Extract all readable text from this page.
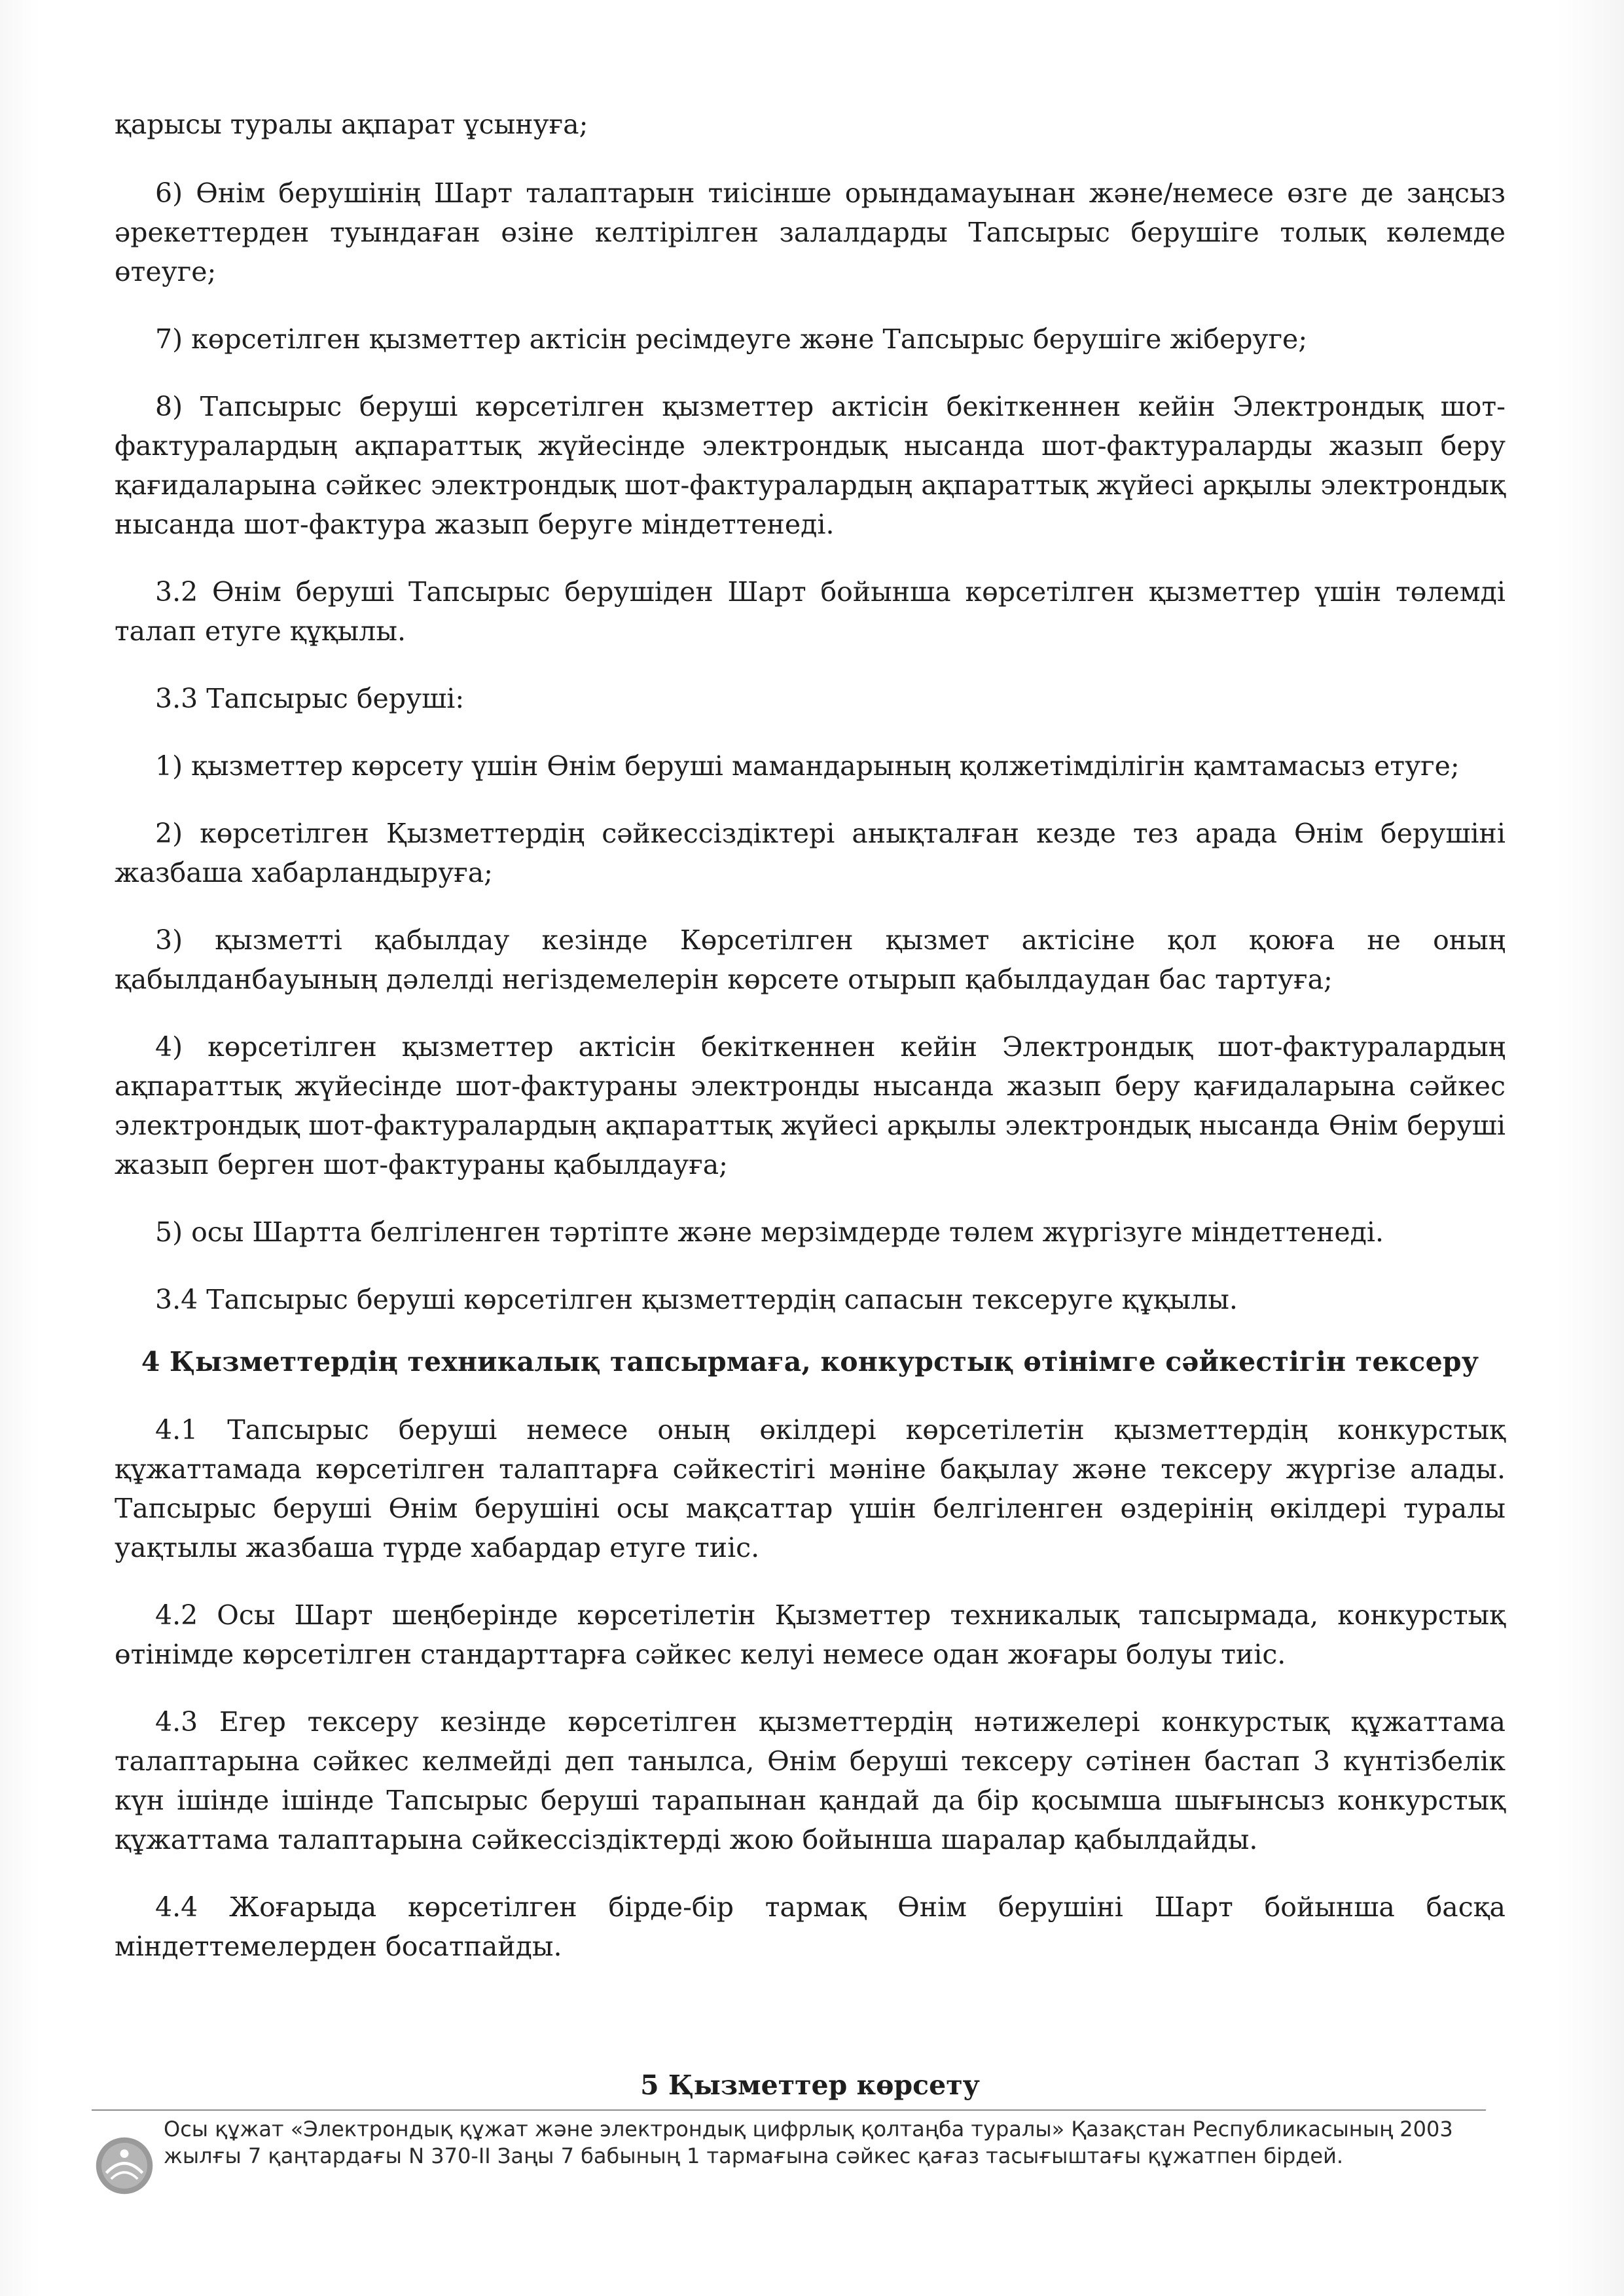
қарысы туралы ақпарат ұсынуға;

6) Өнім берушінің Шарт талаптарын тиісінше орындамауынан және/немесе өзге де заңсыз әрекеттерден туындаған өзіне келтірілген залалдарды Тапсырыс берушіге толық көлемде өтеуге;

7) көрсетілген қызметтер актісін ресімдеуге және Тапсырыс берушіге жіберуге;

8) Тапсырыс беруші көрсетілген қызметтер актісін бекіткеннен кейін Электрондық шот-фактуралардың ақпараттық жүйесінде электрондық нысанда шот-фактураларды жазып беру қағидаларына сәйкес электрондық шот-фактуралардың ақпараттық жүйесі арқылы электрондық нысанда шот-фактура жазып беруге міндеттенеді.

3.2 Өнім беруші Тапсырыс берушіден Шарт бойынша көрсетілген қызметтер үшін төлемді талап етуге құқылы.

3.3 Тапсырыс беруші:

1) қызметтер көрсету үшін Өнім беруші мамандарының қолжетімділігін қамтамасыз етуге;

2) көрсетілген Қызметтердің сәйкессіздіктері анықталған кезде тез арада Өнім берушіні жазбаша хабарландыруға;

3) қызметті қабылдау кезінде Көрсетілген қызмет актісіне қол қоюға не оның қабылданбауының дәлелді негіздемелерін көрсете отырып қабылдаудан бас тартуға;

4) көрсетілген қызметтер актісін бекіткеннен кейін Электрондық шот-фактуралардың ақпараттық жүйесінде шот-фактураны электронды нысанда жазып беру қағидаларына сәйкес электрондық шот-фактуралардың ақпараттық жүйесі арқылы электрондық нысанда Өнім беруші жазып берген шот-фактураны қабылдауға;

5) осы Шартта белгіленген тәртіпте және мерзімдерде төлем жүргізуге міндеттенеді.

3.4 Тапсырыс беруші көрсетілген қызметтердің сапасын тексеруге құқылы.

4 Қызметтердің техникалық тапсырмаға, конкурстық өтінімге сәйкестігін тексеру

4.1 Тапсырыс беруші немесе оның өкілдері көрсетілетін қызметтердің конкурстық құжаттамада көрсетілген талаптарға сәйкестігі мәніне бақылау және тексеру жүргізе алады. Тапсырыс беруші Өнім берушіні осы мақсаттар үшін белгіленген өздерінің өкілдері туралы уақтылы жазбаша түрде хабардар етуге тиіс.

4.2 Осы Шарт шеңберінде көрсетілетін Қызметтер техникалық тапсырмада, конкурстық өтінімде көрсетілген стандарттарға сәйкес келуі немесе одан жоғары болуы тиіс.

4.3 Егер тексеру кезінде көрсетілген қызметтердің нәтижелері конкурстық құжаттама талаптарына сәйкес келмейді деп танылса, Өнім беруші тексеру сәтінен бастап 3 күнтізбелік күн ішінде ішінде Тапсырыс беруші тарапынан қандай да бір қосымша шығынсыз конкурстық құжаттама талаптарына сәйкессіздіктерді жою бойынша шаралар қабылдайды.

4.4 Жоғарыда көрсетілген бірде-бір тармақ Өнім берушіні Шарт бойынша басқа міндеттемелерден босатпайды.

5 Қызметтер көрсету
Осы құжат «Электрондық құжат және электрондық цифрлық қолтаңба туралы» Қазақстан Республикасының 2003 жылғы 7 қаңтардағы N 370-II Заңы 7 бабының 1 тармағына сәйкес қағаз тасығыштағы құжатпен бірдей.
